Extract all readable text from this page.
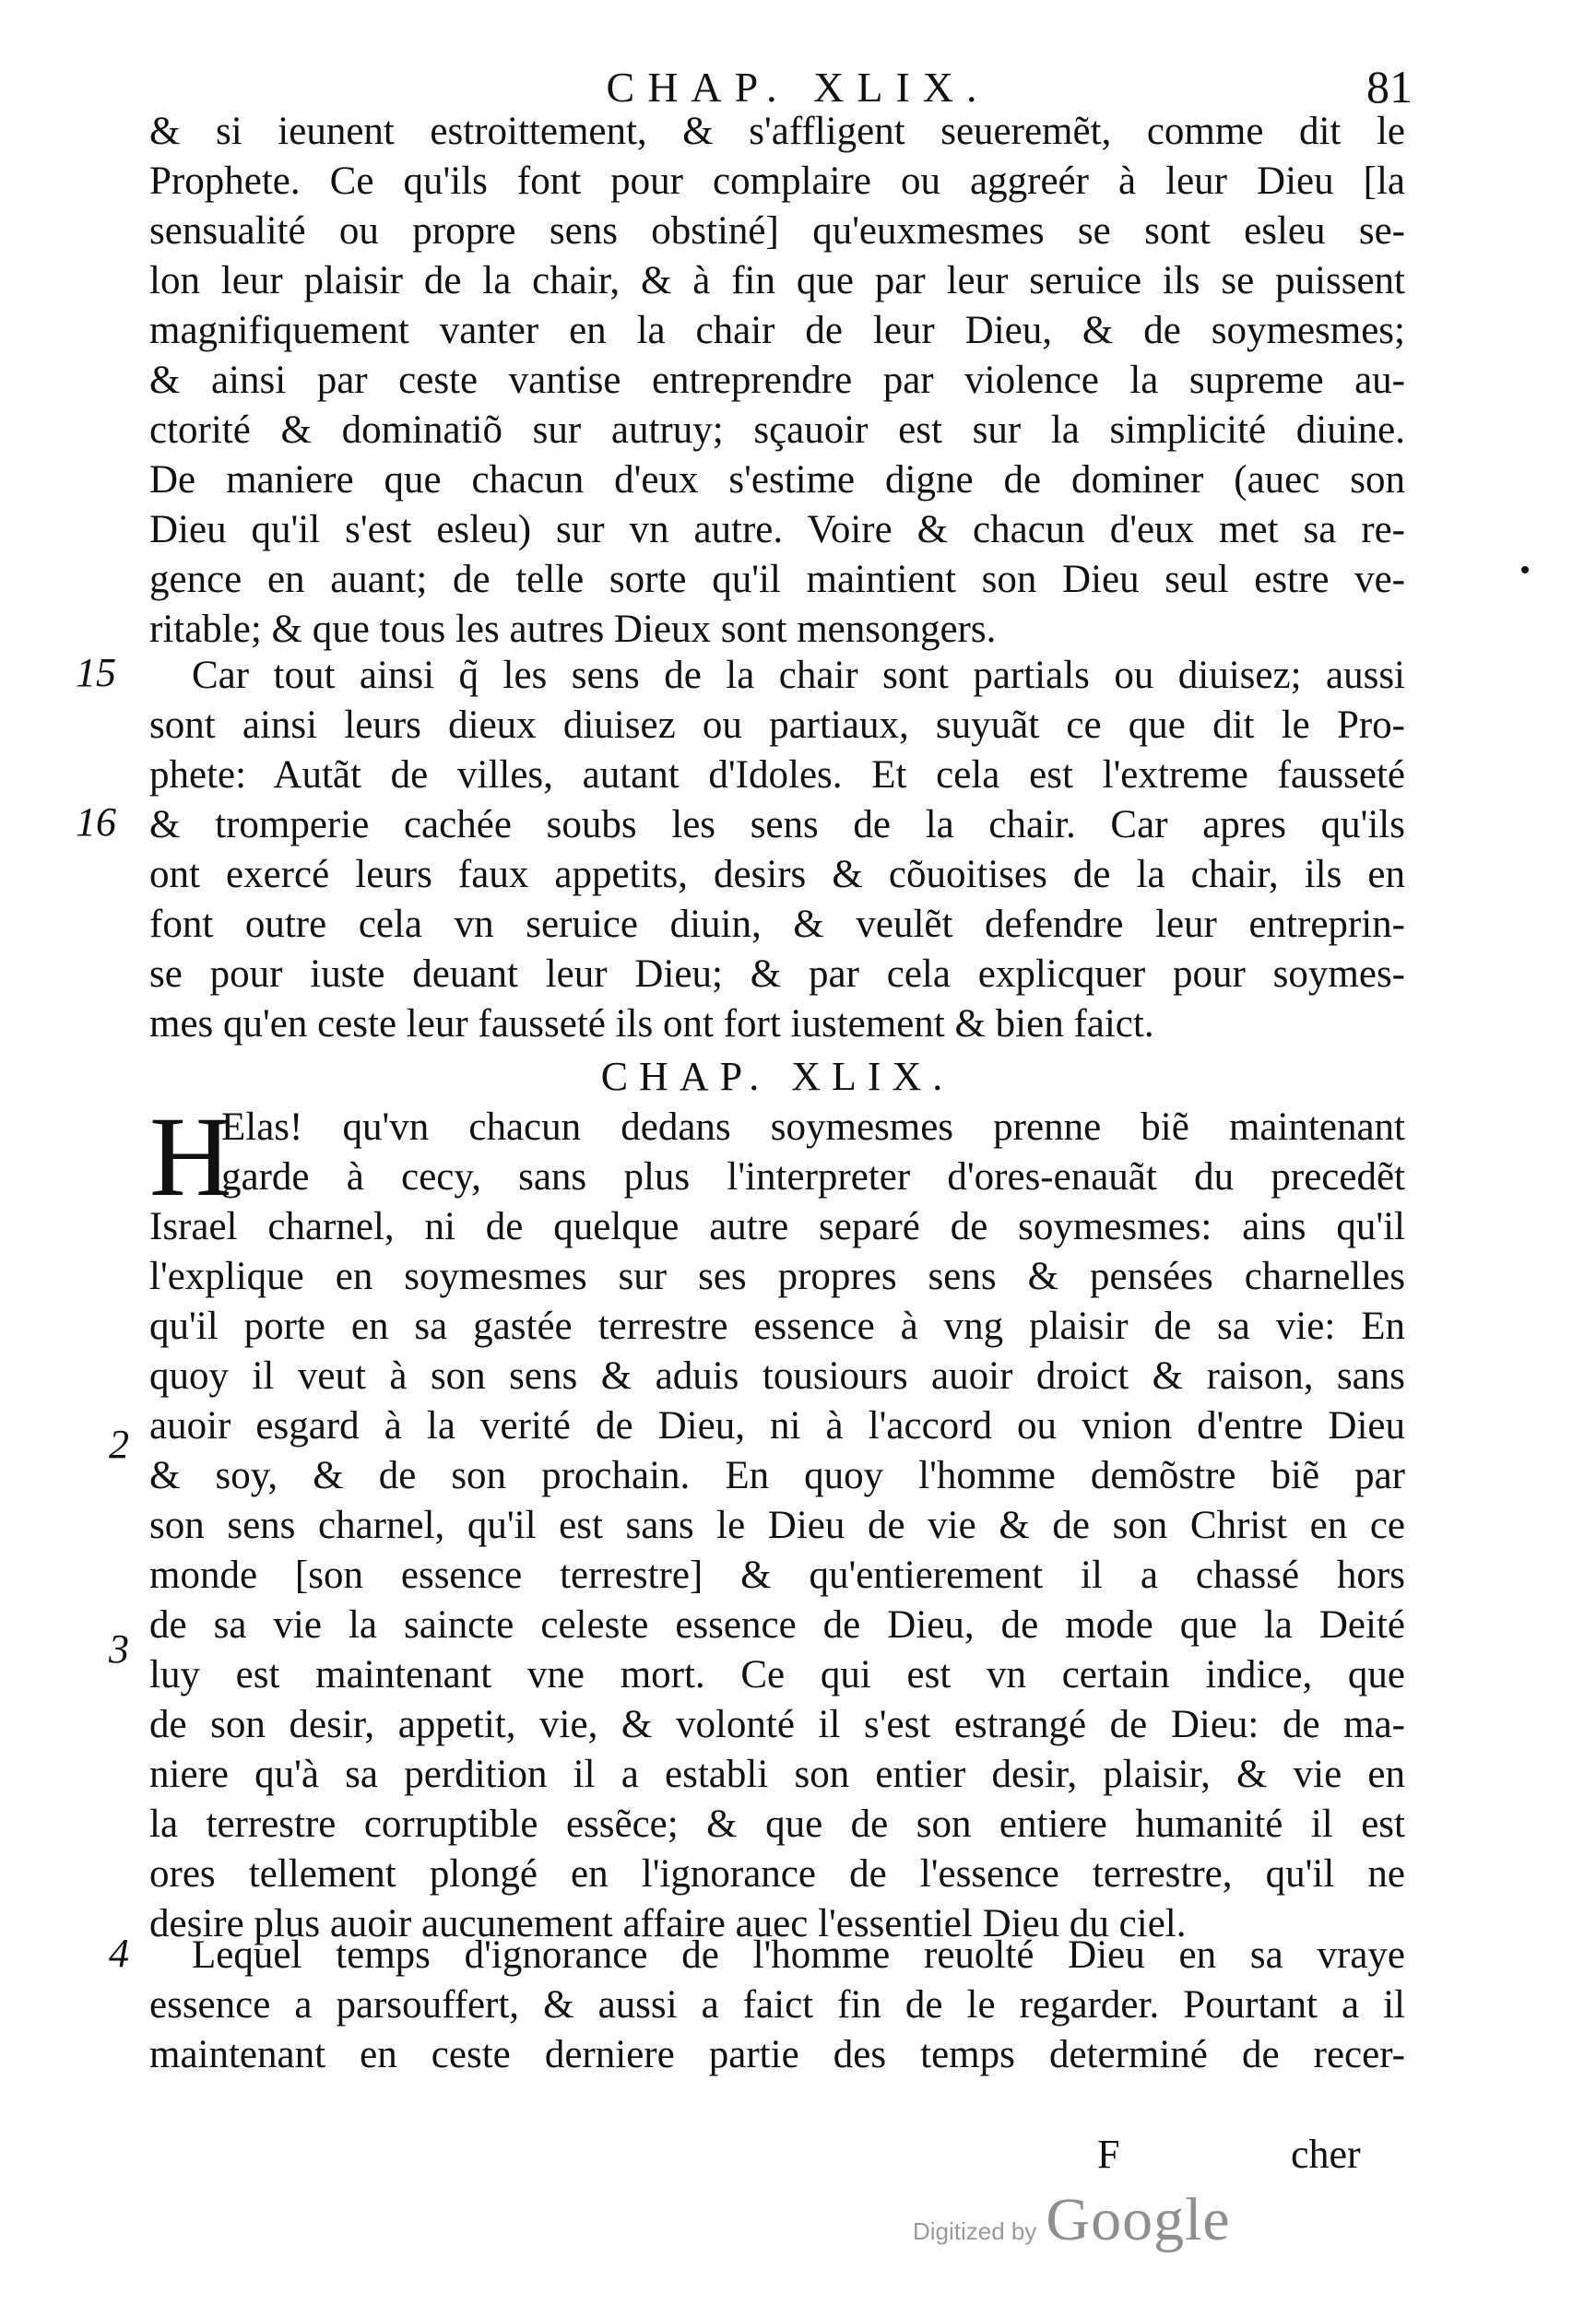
CHAP. XLIX.	81
15
16
2
3
4
& si ieunent estroittement, & s'affligent seueremẽt, comme dit le
Prophete. Ce qu'ils font pour complaire ou aggreér à leur Dieu [la
sensualité ou propre sens obstiné] qu'euxmesmes se sont esleu se-
lon leur plaisir de la chair, & à fin que par leur seruice ils se puissent
magnifiquement vanter en la chair de leur Dieu, & de soymesmes;
& ainsi par ceste vantise entreprendre par violence la supreme au-
ctorité & dominatiõ sur autruy; sçauoir est sur la simplicité diuine.
De maniere que chacun d'eux s'estime digne de dominer (auec son
Dieu qu'il s'est esleu) sur vn autre. Voire & chacun d'eux met sa re-
gence en auant; de telle sorte qu'il maintient son Dieu seul estre ve-
ritable; & que tous les autres Dieux sont mensongers.
Car tout ainsi q̃ les sens de la chair sont partials ou diuisez; aussi
sont ainsi leurs dieux diuisez ou partiaux, suyuãt ce que dit le Pro-
phete: Autãt de villes, autant d'Idoles. Et cela est l'extreme fausseté
& tromperie cachée soubs les sens de la chair. Car apres qu'ils
ont exercé leurs faux appetits, desirs & cõuoitises de la chair, ils en
font outre cela vn seruice diuin, & veulẽt defendre leur entreprin-
se pour iuste deuant leur Dieu; & par cela explicquer pour soymes-
mes qu'en ceste leur fausseté ils ont fort iustement & bien faict.
CHAP. XLIX.
H
Elas! qu'vn chacun dedans soymesmes prenne biẽ maintenant
garde à cecy, sans plus l'interpreter d'ores-enauãt du precedẽt
Israel charnel, ni de quelque autre separé de soymesmes: ains qu'il
l'explique en soymesmes sur ses propres sens & pensées charnelles
qu'il porte en sa gastée terrestre essence à vng plaisir de sa vie: En
quoy il veut à son sens & aduis tousiours auoir droict & raison, sans
auoir esgard à la verité de Dieu, ni à l'accord ou vnion d'entre Dieu
& soy, & de son prochain. En quoy l'homme demõstre biẽ par
son sens charnel, qu'il est sans le Dieu de vie & de son Christ en ce
monde [son essence terrestre] & qu'entierement il a chassé hors
de sa vie la saincte celeste essence de Dieu, de mode que la Deité
luy est maintenant vne mort. Ce qui est vn certain indice, que
de son desir, appetit, vie, & volonté il s'est estrangé de Dieu: de ma-
niere qu'à sa perdition il a establi son entier desir, plaisir, & vie en
la terrestre corruptible essẽce; & que de son entiere humanité il est
ores tellement plongé en l'ignorance de l'essence terrestre, qu'il ne
desire plus auoir aucunement affaire auec l'essentiel Dieu du ciel.
Lequel temps d'ignorance de l'homme reuolté Dieu en sa vraye
essence a parsouffert, & aussi a faict fin de le regarder. Pourtant a il
maintenant en ceste derniere partie des temps determiné de recer-
F	cher
Digitized by Google
